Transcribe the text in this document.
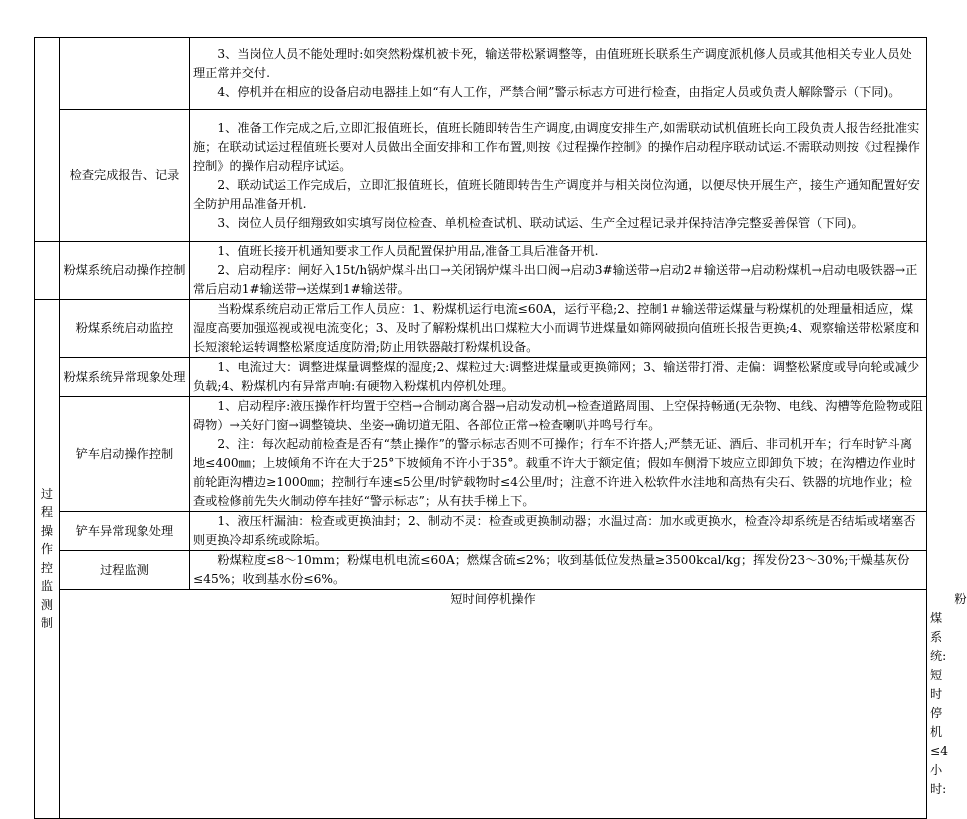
		3、当岗位人员不能处理时:如突然粉煤机被卡死，输送带松紧调整等，由值班班长联系生产调度派机修人员或其他相关专业人员处理正常并交付.
4、停机并在相应的设备启动电器挂上如“有人工作，严禁合闸”警示标志方可进行检查，由指定人员或负责人解除警示（下同)。	

	检查完成报告、记录	1、准备工作完成之后,立即汇报值班长，值班长随即转告生产调度,由调度安排生产,如需联动试机值班长向工段负责人报告经批准实施；在联动试运过程值班长要对人员做出全面安排和工作布置,则按《过程操作控制》的操作启动程序联动试运.不需联动则按《过程操作控制》的操作启动程序试运。
2、联动试运工作完成后，立即汇报值班长，值班长随即转告生产调度并与相关岗位沟通，以便尽快开展生产，接生产通知配置好安全防护用品准备开机.
3、岗位人员仔细翔致如实填写岗位检查、单机检查试机、联动试运、生产全过程记录并保持洁净完整妥善保管（下同)。	

	粉煤系统启动操作控制	1、值班长接开机通知要求工作人员配置保护用品,准备工具后准备开机.
2、启动程序：闸好入15t/h锅炉煤斗出口→关闭锅炉煤斗出口阀→启动3#输送带→启动2＃输送带→启动粉煤机→启动电吸铁器→正常后启动1#输送带→送煤到1#输送带。	

过程操作控监测制	粉煤系统启动监控	当粉煤系统启动正常后工作人员应：1、粉煤机运行电流≤60A，运行平稳;2、控制1＃输送带运煤量与粉煤机的处理量相适应，煤湿度高要加强巡视或视电流变化；3、及时了解粉煤机出口煤粒大小而调节进煤量如筛网破损向值班长报告更换;4、观察输送带松紧度和长短滚轮运转调整松紧度适度防滑;防止用铁器敲打粉煤机设备。	

	粉煤系统异常现象处理	1、电流过大：调整进煤量调整煤的湿度;2、煤粒过大:调整进煤量或更换筛网；3、输送带打滑、走偏：调整松紧度或导向轮或减少负载;4、粉煤机内有异常声响:有硬物入粉煤机内停机处理。	

	铲车启动操作控制	1、启动程序:液压操作杆均置于空档→合制动离合器→启动发动机→检查道路周围、上空保持畅通(无杂物、电线、沟槽等危险物或阻碍物）→关好门窗→调整镜块、坐姿→确切道无阻、各部位正常→检查喇叭并鸣号行车。
2、注：每次起动前检查是否有“禁止操作”的警示标志否则不可操作；行车不许搭人;严禁无证、酒后、非司机开车；行车时铲斗离地≤400㎜；上坡倾角不许在大于25°下坡倾角不许小于35°。载重不许大于额定值；假如车侧滑下坡应立即卸负下坡；在沟槽边作业时前轮距沟槽边≥1000㎜；控制行车速≤5公里/时铲载物时≤4公里/时；注意不许进入松软件水洼地和高热有尖石、铁器的坑地作业；检查或检修前先失火制动停车挂好“警示标志”；从有扶手梯上下。	

	铲车异常现象处理	1、液压杆漏油：检查或更换油封；2、制动不灵：检查或更换制动器；水温过高：加水或更换水，检查冷却系统是否结垢或堵塞否则更换冷却系统或除垢。	

	过程监测	粉煤粒度≤8～10mm；粉煤电机电流≤60A；燃煤含硫≤2%；收到基低位发热量≥3500kcal/kg；挥发份23～30%;干燥基灰份≤45%；收到基水份≤6%。	

	短时间停机操作		粉煤系统:短时停机≤4小时:
